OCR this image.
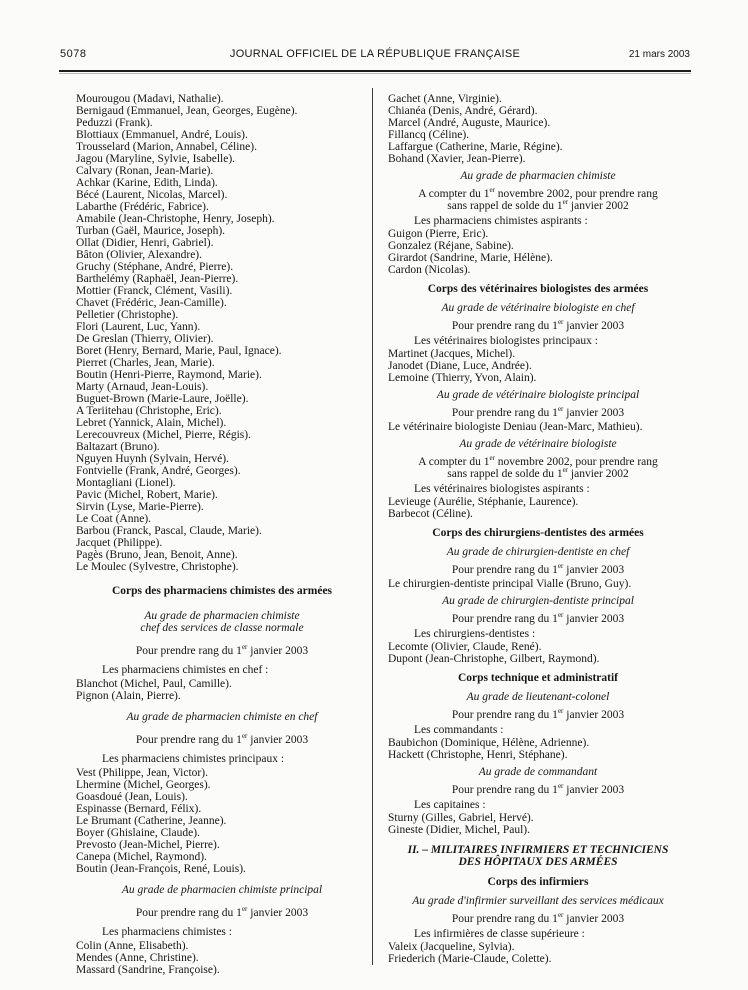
5078	JOURNAL OFFICIEL DE LA RÉPUBLIQUE FRANÇAISE	21 mars 2003

Mourougou (Madavi, Nathalie).

Bernigaud (Emmanuel, Jean, Georges, Eugène).

Peduzzi (Frank).

Blottiaux (Emmanuel, André, Louis).

Trousselard (Marion, Annabel, Céline).

Jagou (Maryline, Sylvie, Isabelle).

Calvary (Ronan, Jean-Marie).

Achkar (Karine, Edith, Linda).

Bécé (Laurent, Nicolas, Marcel).

Labarthe (Frédéric, Fabrice).

Amabile (Jean-Christophe, Henry, Joseph).

Turban (Gaël, Maurice, Joseph).

Ollat (Didier, Henri, Gabriel).

Bâton (Olivier, Alexandre).

Gruchy (Stéphane, André, Pierre).

Barthelémy (Raphaël, Jean-Pierre).

Mottier (Franck, Clément, Vasili).

Chavet (Frédéric, Jean-Camille).

Pelletier (Christophe).

Flori (Laurent, Luc, Yann).

De Greslan (Thierry, Olivier).

Boret (Henry, Bernard, Marie, Paul, Ignace).

Pierret (Charles, Jean, Marie).

Boutin (Henri-Pierre, Raymond, Marie).

Marty (Arnaud, Jean-Louis).

Buguet-Brown (Marie-Laure, Joëlle).

A Teriitehau (Christophe, Eric).

Lebret (Yannick, Alain, Michel).

Lerecouvreux (Michel, Pierre, Régis).

Baltazart (Bruno).

Nguyen Huynh (Sylvain, Hervé).

Fontvielle (Frank, André, Georges).

Montagliani (Lionel).

Pavic (Michel, Robert, Marie).

Sirvin (Lyse, Marie-Pierre).

Le Coat (Anne).

Barbou (Franck, Pascal, Claude, Marie).

Jacquet (Philippe).

Pagès (Bruno, Jean, Benoit, Anne).

Le Moulec (Sylvestre, Christophe).

Corps des pharmaciens chimistes des armées

Au grade de pharmacien chimiste

chef des services de classe normale

Pour prendre rang du 1er janvier 2003

Les pharmaciens chimistes en chef :

Blanchot (Michel, Paul, Camille).

Pignon (Alain, Pierre).

Au grade de pharmacien chimiste en chef

Pour prendre rang du 1er janvier 2003

Les pharmaciens chimistes principaux :

Vest (Philippe, Jean, Victor).

Lhermine (Michel, Georges).

Goasdoué (Jean, Louis).

Espinasse (Bernard, Félix).

Le Brumant (Catherine, Jeanne).

Boyer (Ghislaine, Claude).

Prevosto (Jean-Michel, Pierre).

Canepa (Michel, Raymond).

Boutin (Jean-François, René, Louis).

Au grade de pharmacien chimiste principal

Pour prendre rang du 1er janvier 2003

Les pharmaciens chimistes :

Colin (Anne, Elisabeth).

Mendes (Anne, Christine).

Massard (Sandrine, Françoise).

Gachet (Anne, Virginie).

Chianéa (Denis, André, Gérard).

Marcel (André, Auguste, Maurice).

Fillancq (Céline).

Laffargue (Catherine, Marie, Régine).

Bohand (Xavier, Jean-Pierre).

Au grade de pharmacien chimiste

A compter du 1er novembre 2002, pour prendre rang

sans rappel de solde du 1er janvier 2002

Les pharmaciens chimistes aspirants :

Guigon (Pierre, Eric).

Gonzalez (Réjane, Sabine).

Girardot (Sandrine, Marie, Hélène).

Cardon (Nicolas).

Corps des vétérinaires biologistes des armées

Au grade de vétérinaire biologiste en chef

Pour prendre rang du 1er janvier 2003

Les vétérinaires biologistes principaux :

Martinet (Jacques, Michel).

Janodet (Diane, Luce, Andrée).

Lemoine (Thierry, Yvon, Alain).

Au grade de vétérinaire biologiste principal

Pour prendre rang du 1er janvier 2003

Le vétérinaire biologiste Deniau (Jean-Marc, Mathieu).

Au grade de vétérinaire biologiste

A compter du 1er novembre 2002, pour prendre rang

sans rappel de solde du 1er janvier 2002

Les vétérinaires biologistes aspirants :

Levieuge (Aurélie, Stéphanie, Laurence).

Barbecot (Céline).

Corps des chirurgiens-dentistes des armées

Au grade de chirurgien-dentiste en chef

Pour prendre rang du 1er janvier 2003

Le chirurgien-dentiste principal Vialle (Bruno, Guy).

Au grade de chirurgien-dentiste principal

Pour prendre rang du 1er janvier 2003

Les chirurgiens-dentistes :

Lecomte (Olivier, Claude, René).

Dupont (Jean-Christophe, Gilbert, Raymond).

Corps technique et administratif

Au grade de lieutenant-colonel

Pour prendre rang du 1er janvier 2003

Les commandants :

Baubichon (Dominique, Hélène, Adrienne).

Hackett (Christophe, Henri, Stéphane).

Au grade de commandant

Pour prendre rang du 1er janvier 2003

Les capitaines :

Sturny (Gilles, Gabriel, Hervé).

Gineste (Didier, Michel, Paul).

II. – MILITAIRES INFIRMIERS ET TECHNICIENS

DES HÔPITAUX DES ARMÉES

Corps des infirmiers

Au grade d'infirmier surveillant des services médicaux

Pour prendre rang du 1er janvier 2003

Les infirmières de classe supérieure :

Valeix (Jacqueline, Sylvia).

Friederich (Marie-Claude, Colette).
